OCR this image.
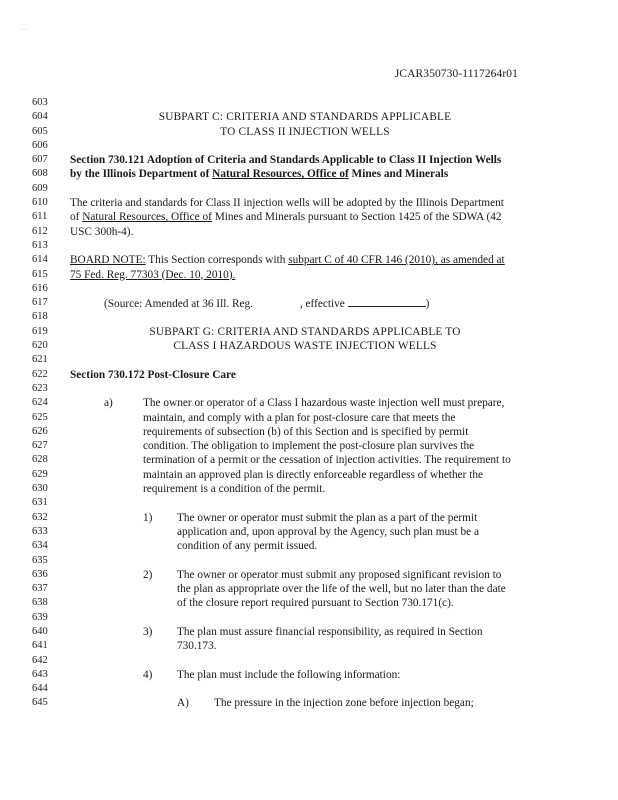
. .
JCAR350730-1117264r01
603
604	SUBPART C: CRITERIA AND STANDARDS APPLICABLE
605	TO CLASS II INJECTION WELLS
606
607	Section 730.121 Adoption of Criteria and Standards Applicable to Class II Injection Wells
608	by the Illinois Department of Natural Resources, Office of Mines and Minerals
609
610	The criteria and standards for Class II injection wells will be adopted by the Illinois Department
611	of Natural Resources, Office of Mines and Minerals pursuant to Section 1425 of the SDWA (42
612	USC 300h-4).
613
614	BOARD NOTE: This Section corresponds with subpart C of 40 CFR 146 (2010), as amended at
615	75 Fed. Reg. 77303 (Dec. 10, 2010).
616
617	(Source: Amended at 36 Ill. Reg.	, effective	)
618
619	SUBPART G: CRITERIA AND STANDARDS APPLICABLE TO
620	CLASS I HAZARDOUS WASTE INJECTION WELLS
621
622	Section 730.172 Post-Closure Care
623
624	a)	The owner or operator of a Class I hazardous waste injection well must prepare,
625	maintain, and comply with a plan for post-closure care that meets the
626	requirements of subsection (b) of this Section and is specified by permit
627	condition. The obligation to implement the post-closure plan survives the
628	termination of a permit or the cessation of injection activities. The requirement to
629	maintain an approved plan is directly enforceable regardless of whether the
630	requirement is a condition of the permit.
631
632	1) The owner or operator must submit the plan as a part of the permit
633	application and, upon approval by the Agency, such plan must be a
634	condition of any permit issued.
635
636	2) The owner or operator must submit any proposed significant revision to
637	the plan as appropriate over the life of the well, but no later than the date
638	of the closure report required pursuant to Section 730.171(c).
639
640	3) The plan must assure financial responsibility, as required in Section
641	730.173.
642
643	4) The plan must include the following information:
644
645	A) The pressure in the injection zone before injection began;
